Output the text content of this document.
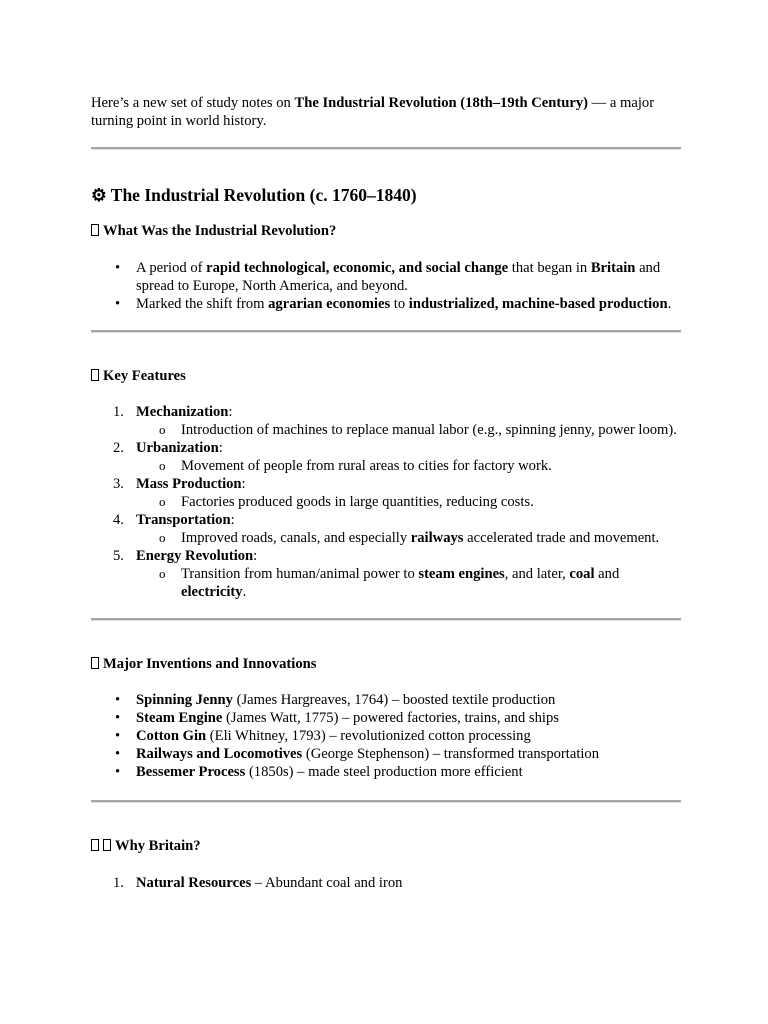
Here’s a new set of study notes on The Industrial Revolution (18th–19th Century) — a major turning point in world history.

⚙ The Industrial Revolution (c. 1760–1840)
What Was the Industrial Revolution?
• A period of rapid technological, economic, and social change that began in Britain and spread to Europe, North America, and beyond.
• Marked the shift from agrarian economies to industrialized, machine-based production.
Key Features
1. Mechanization:
o Introduction of machines to replace manual labor (e.g., spinning jenny, power loom).
2. Urbanization:
o Movement of people from rural areas to cities for factory work.
3. Mass Production:
o Factories produced goods in large quantities, reducing costs.
4. Transportation:
o Improved roads, canals, and especially railways accelerated trade and movement.
5. Energy Revolution:
o Transition from human/animal power to steam engines, and later, coal and electricity.
Major Inventions and Innovations
• Spinning Jenny (James Hargreaves, 1764) – boosted textile production
• Steam Engine (James Watt, 1775) – powered factories, trains, and ships
• Cotton Gin (Eli Whitney, 1793) – revolutionized cotton processing
• Railways and Locomotives (George Stephenson) – transformed transportation
• Bessemer Process (1850s) – made steel production more efficient
Why Britain?
1. Natural Resources – Abundant coal and iron
